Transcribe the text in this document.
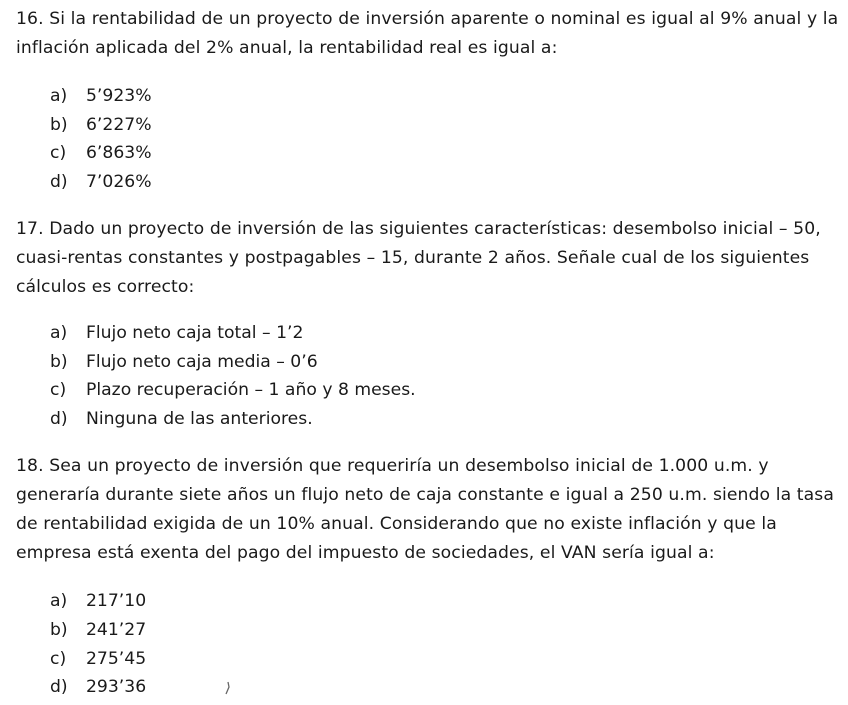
16. Si la rentabilidad de un proyecto de inversión aparente o nominal es igual al 9% anual y la inflación aplicada del 2% anual, la rentabilidad real es igual a:
a) 5’923%
b) 6’227%
c) 6’863%
d) 7’026%
17. Dado un proyecto de inversión de las siguientes características: desembolso inicial – 50, cuasi-rentas constantes y postpagables – 15, durante 2 años. Señale cual de los siguientes cálculos es correcto:
a) Flujo neto caja total – 1’2
b) Flujo neto caja media – 0’6
c) Plazo recuperación – 1 año y 8 meses.
d) Ninguna de las anteriores.
18. Sea un proyecto de inversión que requeriría un desembolso inicial de 1.000 u.m. y generaría durante siete años un flujo neto de caja constante e igual a 250 u.m. siendo la tasa de rentabilidad exigida de un 10% anual. Considerando que no existe inflación y que la empresa está exenta del pago del impuesto de sociedades, el VAN sería igual a:
a) 217’10
b) 241’27
c) 275’45
d) 293’36
